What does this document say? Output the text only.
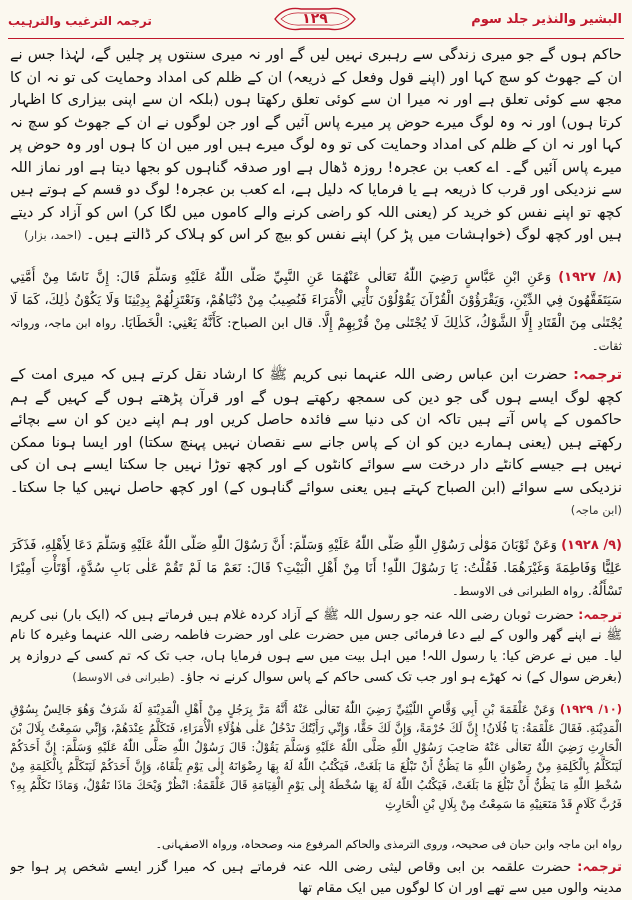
البشیر والنذیر جلد سوم
۱۲۹
ترجمہ الترغیب والترہیب
حاکم ہوں گے جو میری زندگی سے رہبری نہیں لیں گے اور نہ میری سنتوں پر چلیں گے، لہٰذا جس نے ان کے جھوٹ کو سچ کہا اور (اپنے قول وفعل کے ذریعہ) ان کے ظلم کی امداد وحمایت کی تو نہ ان کا مجھ سے کوئی تعلق ہے اور نہ میرا ان سے کوئی تعلق رکھتا ہوں (بلکہ ان سے اپنی بیزاری کا اظہار کرتا ہوں) اور نہ وہ لوگ میرے حوض پر میرے پاس آئیں گے اور جن لوگوں نے ان کے جھوٹ کو سچ نہ کہا اور نہ ان کے ظلم کی امداد وحمایت کی تو وہ لوگ میرے ہیں اور میں ان کا ہوں اور وہ حوض پر میرے پاس آئیں گے۔ اے کعب بن عجرہ! روزہ ڈھال ہے اور صدقہ گناہوں کو بجھا دیتا ہے اور نماز اللہ سے نزدیکی اور قرب کا ذریعہ ہے یا فرمایا کہ دلیل ہے، اے کعب بن عجرہ! لوگ دو قسم کے ہوتے ہیں کچھ تو اپنے نفس کو خرید کر (یعنی اللہ کو راضی کرنے والے کاموں میں لگا کر) اس کو آزاد کر دیتے ہیں اور کچھ لوگ (خواہشات میں پڑ کر) اپنے نفس کو بیچ کر اس کو ہلاک کر ڈالتے ہیں۔ (احمد، بزار)
(۸/ ۱۹۲۷) وَعَنِ ابْنِ عَبَّاسٍ رَضِيَ اللّٰهُ تَعَالٰى عَنْهُمَا عَنِ النَّبِيِّ صَلَّى اللّٰهُ عَلَيْهِ وَسَلَّمَ قَالَ: إِنَّ نَاسًا مِنْ أُمَّتِي سَيَتَفَقَّهُونَ فِي الدِّيْنِ، وَيَقْرَؤُوْنَ الْقُرْآنَ يَقُوْلُوْنَ نَأْتِي الْأُمَرَاءَ فَنُصِيبُ مِنْ دُنْيَاهُمْ، وَنَعْتَزِلُهُمْ بِدِيْنِنَا وَلَا يَكُوْنُ ذٰلِكَ، كَمَا لَا يُجْتَنٰى مِنَ الْقَتَادِ إِلَّا الشَّوْكُ، كَذٰلِكَ لَا يُجْتَنٰى مِنْ قُرْبِهِمْ إِلَّا. قال ابن الصباح: كَأَنَّهُ يَعْنِي: الْخَطَايَا. رواہ ابن ماجہ، ورواتہ ثقات۔
ترجمہ: حضرت ابن عباس رضی اللہ عنہما نبی کریم ﷺ کا ارشاد نقل کرتے ہیں کہ میری امت کے کچھ لوگ ایسے ہوں گی جو دین کی سمجھ رکھتے ہوں گے اور قرآن پڑھتے ہوں گے کہیں گے ہم حاکموں کے پاس آتے ہیں تاکہ ان کی دنیا سے فائدہ حاصل کریں اور ہم اپنے دین کو ان سے بچائے رکھتے ہیں (یعنی ہمارے دین کو ان کے پاس جانے سے نقصان نہیں پہنچ سکتا) اور ایسا ہونا ممکن نہیں ہے جیسے کانٹے دار درخت سے سوائے کانٹوں کے اور کچھ توڑا نہیں جا سکتا ایسے ہی ان کی نزدیکی سے سوائے (ابن الصباح کہتے ہیں یعنی سوائے گناہوں کے) اور کچھ حاصل نہیں کیا جا سکتا۔ (ابن ماجہ)
(۹/ ۱۹۲۸) وَعَنْ ثَوْبَانَ مَوْلٰى رَسُوْلِ اللّٰهِ صَلَّى اللّٰهُ عَلَيْهِ وَسَلَّمَ: أَنَّ رَسُوْلَ اللّٰهِ صَلَّى اللّٰهُ عَلَيْهِ وَسَلَّمَ دَعَا لِأَهْلِهِ، فَذَكَرَ عَلِيًّا وَفَاطِمَةَ وَغَيْرَهُمَا. فَقُلْتُ: يَا رَسُوْلَ اللّٰهِ! أَنَا مِنْ أَهْلِ الْبَيْتِ؟ قَالَ: نَعَمْ مَا لَمْ تَقُمْ عَلٰى بَابِ سُدَّةٍ، أَوْتَأْتِ أَمِيْرًا تَسْأَلُهُ. رواہ الطبرانی فی الاوسط۔
ترجمہ: حضرت ثوبان رضی اللہ عنہ جو رسول اللہ ﷺ کے آزاد کردہ غلام ہیں فرماتے ہیں کہ (ایک بار) نبی کریم ﷺ نے اپنے گھر والوں کے لیے دعا فرمائی جس میں حضرت علی اور حضرت فاطمہ رضی اللہ عنہما وغیرہ کا نام لیا۔ میں نے عرض کیا: یا رسول اللہ! میں اہل بیت میں سے ہوں فرمایا ہاں، جب تک کہ تم کسی کے دروازہ پر (بغرض سوال کے) نہ کھڑے ہو اور جب تک کسی حاکم کے پاس سوال کرنے نہ جاؤ۔ (طبرانی فی الاوسط)
(۱۰/ ۱۹۲۹) وَعَنْ عَلْقَمَةَ بْنِ أَبِي وَقَّاصٍ اللَّيْثِيِّ رَضِيَ اللّٰهُ تَعَالٰى عَنْهُ أَنَّهُ مَرَّ بِرَجُلٍ مِنْ أَهْلِ الْمَدِيْنَةِ لَهُ شَرَفٌ وَهُوَ جَالِسٌ بِسُوْقِ الْمَدِيْنَةِ. فَقَالَ عَلْقَمَةُ: يَا فُلَانُ! إِنَّ لَكَ حُرْمَةً، وَإِنَّ لَكَ حَقًّا، وَإِنِّي رَأَيْتُكَ تَدْخُلُ عَلٰى هٰؤُلَاءِ الْأُمَرَاءِ، فَتَكَلَّمُ عِنْدَهُمْ، وَإِنِّي سَمِعْتُ بِلَالَ بْنَ الْحَارِثِ رَضِيَ اللّٰهُ تَعَالٰى عَنْهُ صَاحِبَ رَسُوْلِ اللّٰهِ صَلَّى اللّٰهُ عَلَيْهِ وَسَلَّمَ يَقُوْلُ: قَالَ رَسُوْلُ اللّٰهِ صَلَّى اللّٰهُ عَلَيْهِ وَسَلَّمَ: إِنَّ أَحَدَكُمْ لَيَتَكَلَّمُ بِالْكَلِمَةِ مِنْ رِضْوَانِ اللّٰهِ مَا يَظُنُّ أَنْ تَبْلُغَ مَا بَلَغَتْ، فَيَكْتُبُ اللّٰهُ لَهُ بِهَا رِضْوَانَهُ إِلٰى يَوْمِ يَلْقَاهُ، وَإِنَّ أَحَدَكُمْ لَيَتَكَلَّمُ بِالْكَلِمَةِ مِنْ سُخْطِ اللّٰهِ مَا يَظُنُّ أَنْ تَبْلُغَ مَا بَلَغَتْ، فَيَكْتُبُ اللّٰهُ لَهُ بِهَا سُخْطَهُ إِلٰى يَوْمِ الْقِيَامَةِ قَالَ عَلْقَمَةُ: انْظُرْ وَيْحَكَ مَاذَا تَقُوْلُ، وَمَاذَا تَكَلَّمُ بِهِ؟ فَرُبَّ كَلَامٍ قَدْ مَنَعَنِيْهِ مَا سَمِعْتُ مِنْ بِلَالِ بْنِ الْحَارِثِ
رواہ ابن ماجہ وابن حبان فی صحیحہ، وروی الترمذی والحاکم المرفوع منہ وصححاہ، ورواہ الاصفہانی۔
ترجمہ: حضرت علقمہ بن ابی وقاص لیثی رضی اللہ عنہ فرماتے ہیں کہ میرا گزر ایسے شخص پر ہوا جو مدینہ والوں میں سے تھے اور ان کا لوگوں میں ایک مقام تھا
